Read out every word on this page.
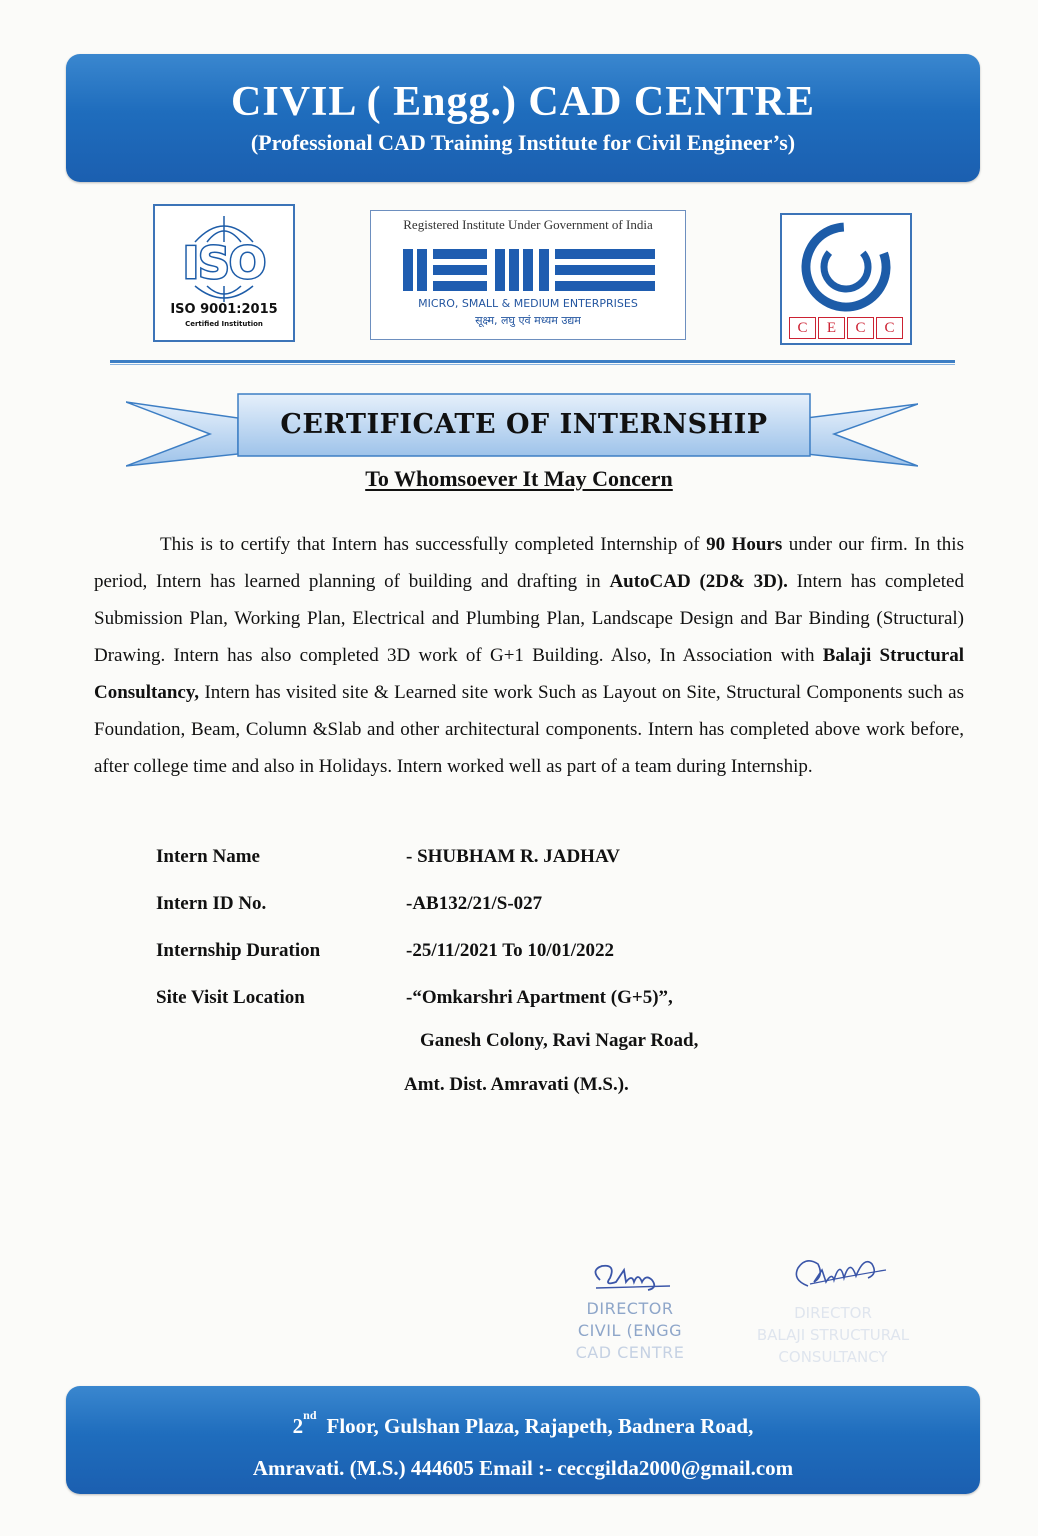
CIVIL ( Engg.) CAD CENTRE
(Professional CAD Training Institute for Civil Engineer’s)
ISO
ISO 9001:2015
Certified Institution
Registered Institute Under Government of India
MSME
MICRO, SMALL & MEDIUM ENTERPRISES
सूक्ष्म, लघु एवं मध्यम उद्यम	C	E	C	C
CERTIFICATE OF INTERNSHIP
To Whomsoever It May Concern

This is to certify that Intern has successfully completed Internship of 90 Hours under our firm. In this period, Intern has learned planning of building and drafting in AutoCAD (2D& 3D). Intern has completed Submission Plan, Working Plan, Electrical and Plumbing Plan, Landscape Design and Bar Binding (Structural) Drawing. Intern has also completed 3D work of G+1 Building. Also, In Association with Balaji Structural Consultancy, Intern has visited site & Learned site work Such as Layout on Site, Structural Components such as Foundation, Beam, Column &Slab and other architectural components. Intern has completed above work before, after college time and also in Holidays. Intern worked well as part of a team during Internship.

Intern Name	- SHUBHAM R. JADHAV
Intern ID No.	-AB132/21/S-027
Internship Duration	-25/11/2021 To 10/01/2022
Site Visit Location	-“Omkarshri Apartment (G+5)”,
Ganesh Colony, Ravi Nagar Road,
Amt. Dist. Amravati (M.S.).
DIRECTOR
CIVIL (ENGG
CAD CENTRE
DIRECTOR
BALAJI STRUCTURAL
CONSULTANCY
2nd Floor, Gulshan Plaza, Rajapeth, Badnera Road,
Amravati. (M.S.) 444605 Email :- ceccgilda2000@gmail.com
